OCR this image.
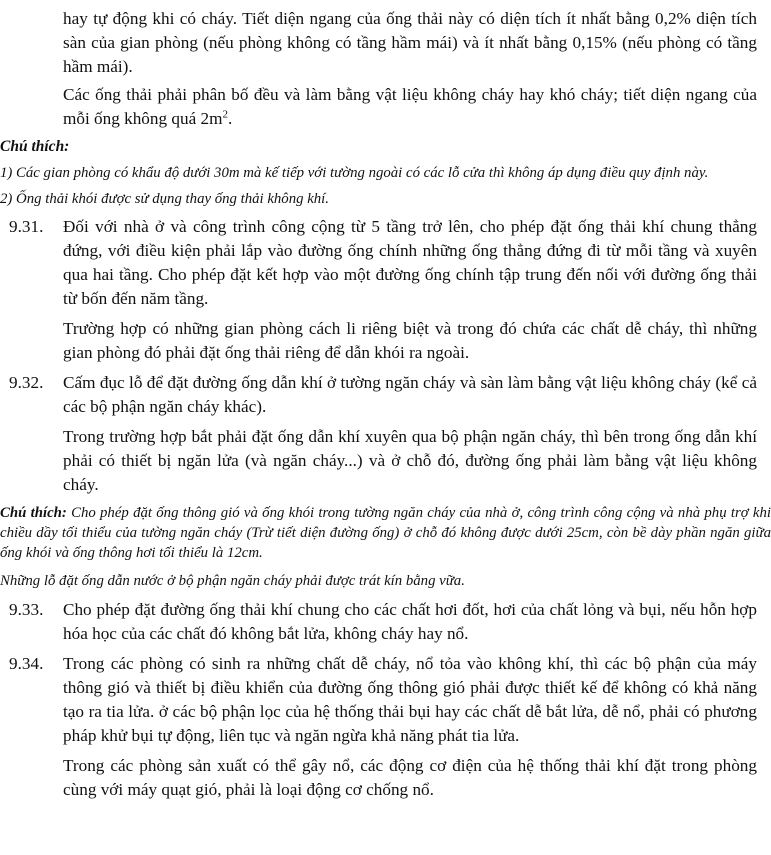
hay tự động khi có cháy. Tiết diện ngang của ống thải này có diện tích ít nhất bằng 0,2% diện tích sàn của gian phòng (nếu phòng không có tầng hầm mái) và ít nhất bằng 0,15% (nếu phòng có tầng hầm mái).

Các ống thải phải phân bố đều và làm bằng vật liệu không cháy hay khó cháy; tiết diện ngang của mỗi ống không quá $2m^2$.

Chú thích:

1) Các gian phòng có khẩu độ dưới 30m mà kế tiếp với tường ngoài có các lỗ cửa thì không áp dụng điều quy định này.

2) Ống thải khói được sử dụng thay ống thải không khí.

9.31.	Đối với nhà ở và công trình công cộng từ 5 tầng trở lên, cho phép đặt ống thải khí chung thẳng đứng, với điều kiện phải lắp vào đường ống chính những ống thẳng đứng đi từ mỗi tầng và xuyên qua hai tầng. Cho phép đặt kết hợp vào một đường ống chính tập trung đến nối với đường ống thải từ bốn đến năm tầng.

Trường hợp có những gian phòng cách li riêng biệt và trong đó chứa các chất dễ cháy, thì những gian phòng đó phải đặt ống thải riêng để dẫn khói ra ngoài.

9.32.	Cấm đục lỗ để đặt đường ống dẫn khí ở tường ngăn cháy và sàn làm bằng vật liệu không cháy (kể cả các bộ phận ngăn cháy khác).

Trong trường hợp bắt phải đặt ống dẫn khí xuyên qua bộ phận ngăn cháy, thì bên trong ống dẫn khí phải có thiết bị ngăn lửa (và ngăn cháy...) và ở chỗ đó, đường ống phải làm bằng vật liệu không cháy.

Chú thích: Cho phép đặt ống thông gió và ống khói trong tường ngăn cháy của nhà ở, công trình công cộng và nhà phụ trợ khi chiều dầy tối thiểu của tường ngăn cháy (Trừ tiết diện đường ống) ở chỗ đó không được dưới 25cm, còn bề dày phần ngăn giữa ống khói và ống thông hơi tối thiểu là 12cm.

Những lỗ đặt ống dẫn nước ở bộ phận ngăn cháy phải được trát kín bằng vữa.

9.33.	Cho phép đặt đường ống thải khí chung cho các chất hơi đốt, hơi của chất lỏng và bụi, nếu hỗn hợp hóa học của các chất đó không bắt lửa, không cháy hay nổ.

9.34.	Trong các phòng có sinh ra những chất dễ cháy, nổ tỏa vào không khí, thì các bộ phận của máy thông gió và thiết bị điều khiển của đường ống thông gió phải được thiết kế để không có khả năng tạo ra tia lửa. ở các bộ phận lọc của hệ thống thải bụi hay các chất dễ bắt lửa, dễ nổ, phải có phương pháp khử bụi tự động, liên tục và ngăn ngừa khả năng phát tia lửa.

Trong các phòng sản xuất có thể gây nổ, các động cơ điện của hệ thống thải khí đặt trong phòng cùng với máy quạt gió, phải là loại động cơ chống nổ.
